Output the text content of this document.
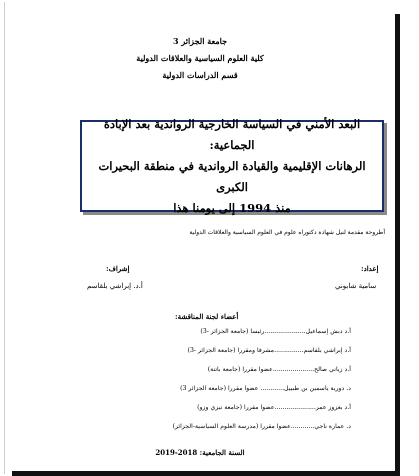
جامعة الجزائر 3
كلية العلوم السياسية والعلاقات الدولية
قسم الدراسات الدولية
البعد الأمني في السياسة الخارجية الرواندية بعد الإبادة الجماعية:
الرهانات الإقليمية والقيادة الرواندية في منطقة البحيرات الكبرى
منذ 1994 إلى يومنا هذا
أطروحة مقدمة لنيل شهادة دكتوراه علوم في العلوم السياسية والعلاقات الدولية
إعداد:
سامية شابوني
إشراف:
أ.د. إبراشي بلقاسم
أعضاء لجنة المناقشة:
أ.د دبش إسماعيل.....................رئيسا (جامعة الجزائر -3)
أ.د إبراشي بلقاسم...............مشرفا ومقررا (جامعة الجزائر -3)
أ.د زياني صالح.....................عضوا مقررا (جامعة باتنة)
د. دورية ياسمين بن طبييل............ عضوا مقررا (جامعة الجزائر 3)
أ.د بغزوز عمر.....................عضوا مقررا (جامعة تيزي وزو)
د. عمارة ناجي............عضوا مقررا (مدرسة العلوم السياسية-الجزائر)
السنة الجامعية: 2018-2019
